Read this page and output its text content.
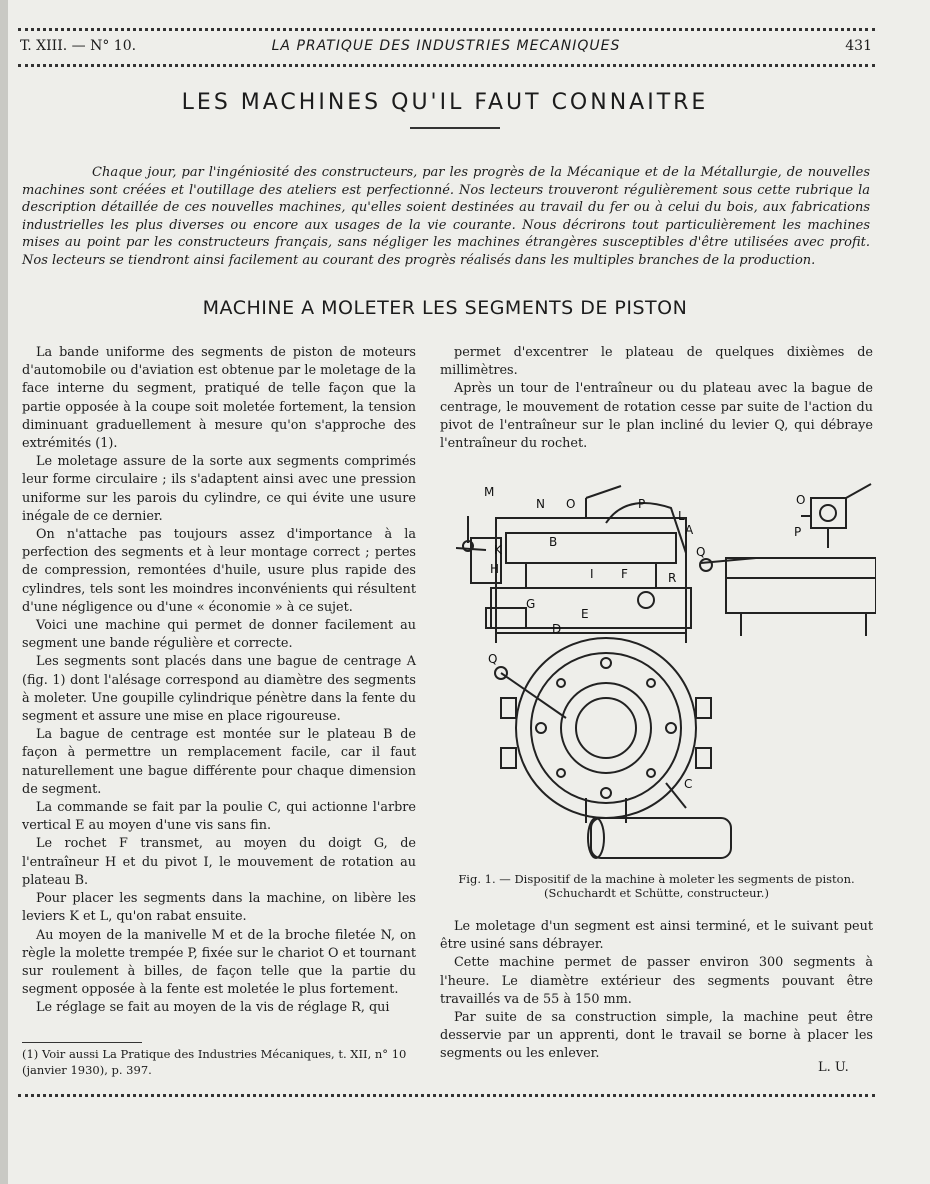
T. XIII. — N° 10.	LA PRATIQUE DES INDUSTRIES MECANIQUES	431
LES MACHINES QU'IL FAUT CONNAITRE

Chaque jour, par l'ingéniosité des constructeurs, par les progrès de la Mécanique et de la Métallurgie, de nouvelles machines sont créées et l'outillage des ateliers est perfectionné. Nos lecteurs trouveront régulièrement sous cette rubrique la description détaillée de ces nouvelles machines, qu'elles soient destinées au travail du fer ou à celui du bois, aux fabrications industrielles les plus diverses ou encore aux usages de la vie courante. Nous décrirons tout particulièrement les machines mises au point par les constructeurs français, sans négliger les machines étrangères susceptibles d'être utilisées avec profit. Nos lecteurs se tiendront ainsi facilement au courant des progrès réalisés dans les multiples branches de la production.

MACHINE A MOLETER LES SEGMENTS DE PISTON

La bande uniforme des segments de piston de moteurs d'automobile ou d'aviation est obtenue par le moletage de la face interne du segment, pratiqué de telle façon que la partie opposée à la coupe soit moletée fortement, la tension diminuant graduellement à mesure qu'on s'approche des extrémités (1).

Le moletage assure de la sorte aux segments comprimés leur forme circulaire ; ils s'adaptent ainsi avec une pression uniforme sur les parois du cylindre, ce qui évite une usure inégale de ce dernier.

On n'attache pas toujours assez d'importance à la perfection des segments et à leur montage correct ; pertes de compression, remontées d'huile, usure plus rapide des cylindres, tels sont les moindres inconvénients qui résultent d'une négligence ou d'une « économie » à ce sujet.

Voici une machine qui permet de donner facilement au segment une bande régulière et correcte.

Les segments sont placés dans une bague de centrage A (fig. 1) dont l'alésage correspond au diamètre des segments à moleter. Une goupille cylindrique pénètre dans la fente du segment et assure une mise en place rigoureuse.

La bague de centrage est montée sur le plateau B de façon à permettre un remplacement facile, car il faut naturellement une bague différente pour chaque dimension de segment.

La commande se fait par la poulie C, qui actionne l'arbre vertical E au moyen d'une vis sans fin.

Le rochet F transmet, au moyen du doigt G, de l'entraîneur H et du pivot I, le mouvement de rotation au plateau B.

Pour placer les segments dans la machine, on libère les leviers K et L, qu'on rabat ensuite.

Au moyen de la manivelle M et de la broche filetée N, on règle la molette trempée P, fixée sur le chariot O et tournant sur roulement à billes, de façon telle que la partie du segment opposée à la fente est moletée le plus fortement.

Le réglage se fait au moyen de la vis de réglage R, qui

permet d'excentrer le plateau de quelques dixièmes de millimètres.

Après un tour de l'entraîneur ou du plateau avec la bague de centrage, le mouvement de rotation cesse par suite de l'action du pivot de l'entraîneur sur le plan incliné du levier Q, qui débraye l'entraîneur du rochet.

M
N O	P
L
A
B
K
H	I F	R
G
E
D
Q
O
P
C
Q
Fig. 1. — Dispositif de la machine à moleter les segments de piston. (Schuchardt et Schütte, constructeur.)

Le moletage d'un segment est ainsi terminé, et le suivant peut être usiné sans débrayer.

Cette machine permet de passer environ 300 segments à l'heure. Le diamètre extérieur des segments pouvant être travaillés va de 55 à 150 mm.

Par suite de sa construction simple, la machine peut être desservie par un apprenti, dont le travail se borne à placer les segments ou les enlever.

L. U.
(1) Voir aussi La Pratique des Industries Mécaniques, t. XII, n° 10 (janvier 1930), p. 397.
